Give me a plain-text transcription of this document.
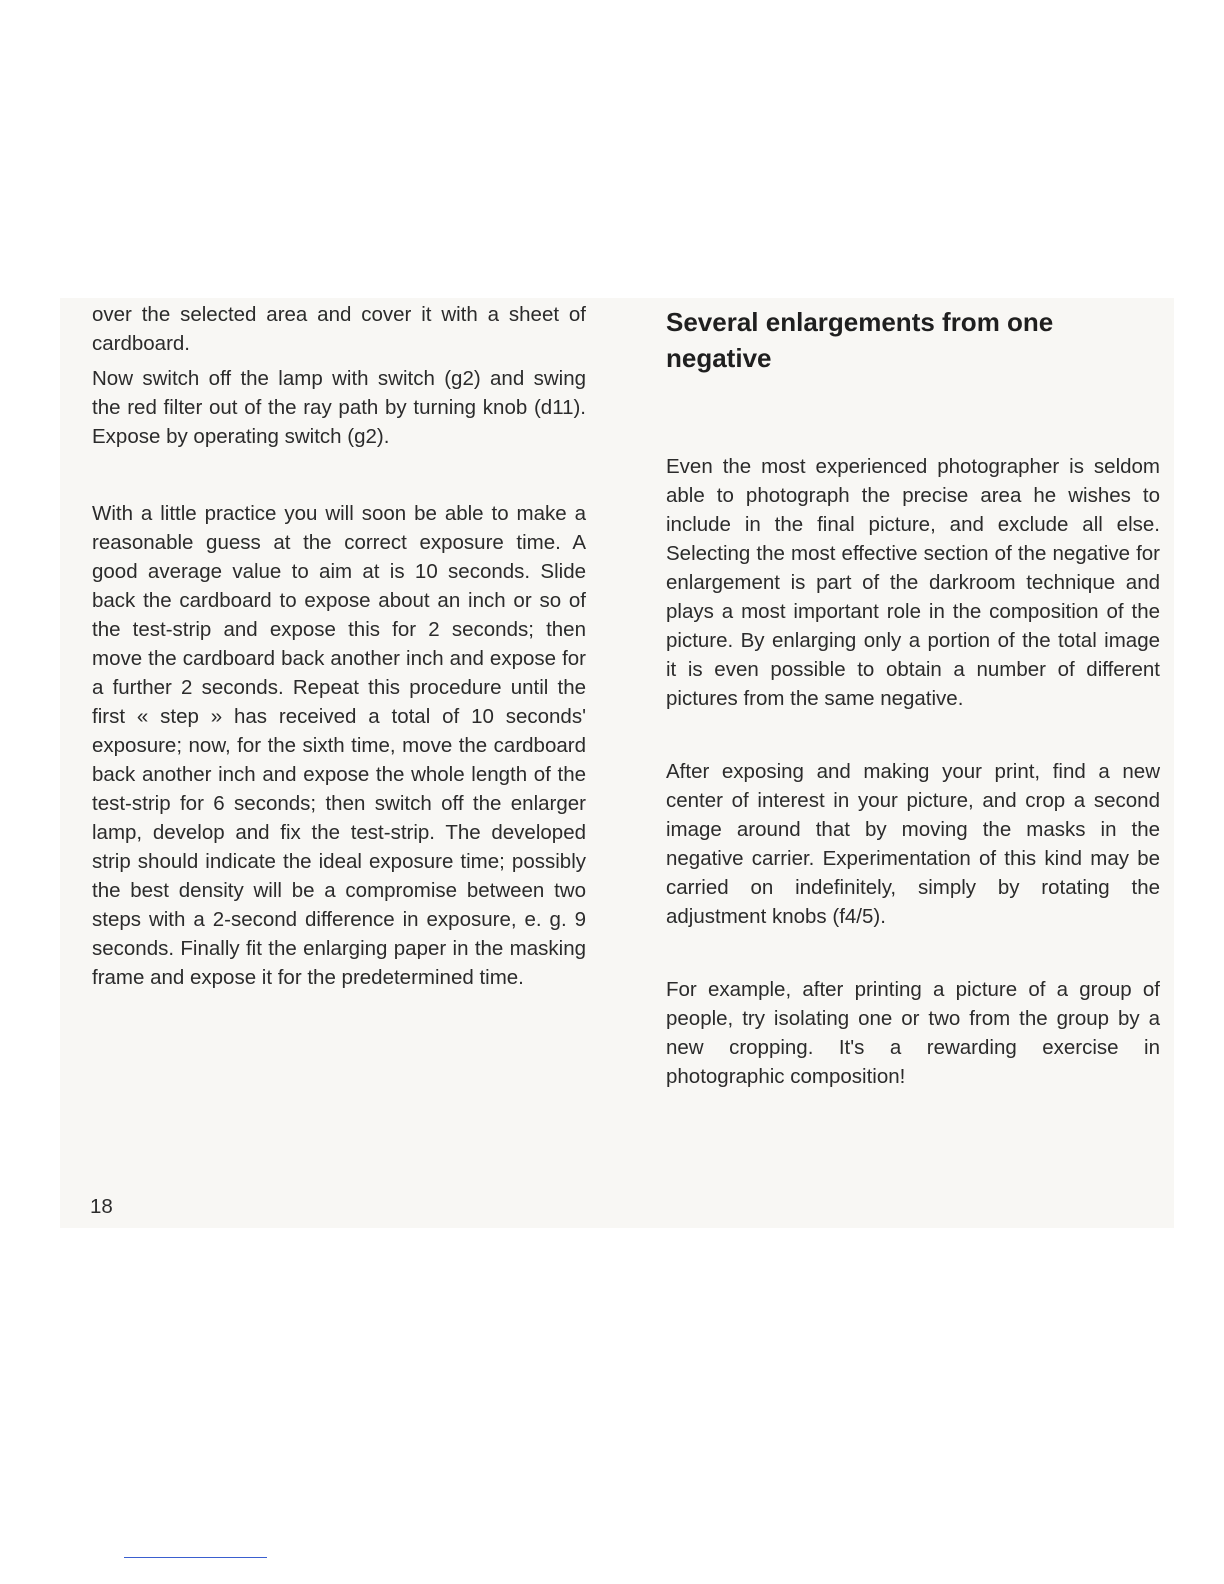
over the selected area and cover it with a sheet of cardboard.

Now switch off the lamp with switch (g2) and swing the red filter out of the ray path by turning knob (d11). Expose by operating switch (g2).

With a little practice you will soon be able to make a reasonable guess at the correct exposure time. A good average value to aim at is 10 seconds. Slide back the cardboard to expose about an inch or so of the test-strip and expose this for 2 seconds; then move the cardboard back another inch and expose for a further 2 seconds. Repeat this procedure until the first « step » has received a total of 10 seconds' exposure; now, for the sixth time, move the cardboard back another inch and expose the whole length of the test-strip for 6 seconds; then switch off the enlarger lamp, develop and fix the test-strip. The developed strip should indicate the ideal exposure time; possibly the best density will be a compromise between two steps with a 2-second difference in exposure, e. g. 9 seconds. Finally fit the enlarging paper in the masking frame and expose it for the predetermined time.

Several enlargements from one negative

Even the most experienced photographer is seldom able to photograph the precise area he wishes to include in the final picture, and exclude all else. Selecting the most effective section of the negative for enlargement is part of the darkroom technique and plays a most important role in the composition of the picture. By enlarging only a portion of the total image it is even possible to obtain a number of different pictures from the same negative.

After exposing and making your print, find a new center of interest in your picture, and crop a second image around that by moving the masks in the negative carrier. Experimentation of this kind may be carried on indefinitely, simply by rotating the adjustment knobs (f4/5).

For example, after printing a picture of a group of people, try isolating one or two from the group by a new cropping. It's a rewarding exercise in photographic composition!

18
